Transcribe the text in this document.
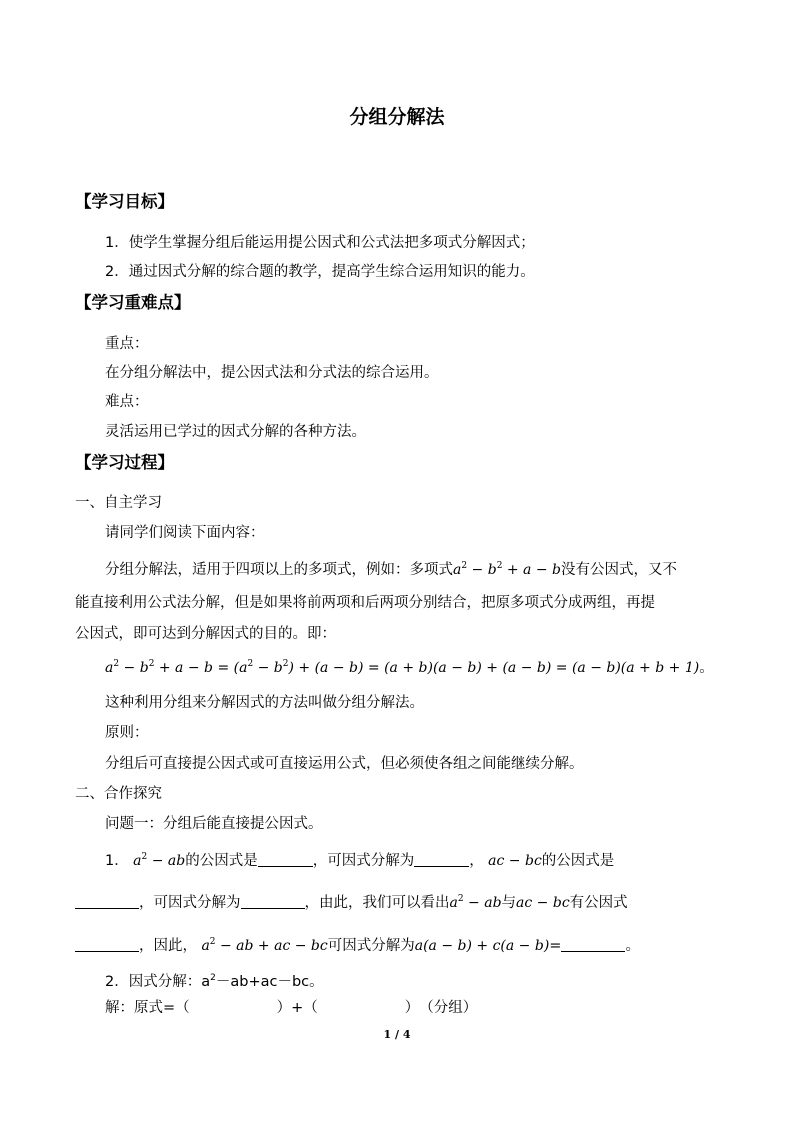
分组分解法
【学习目标】
1．使学生掌握分组后能运用提公因式和公式法把多项式分解因式；
2．通过因式分解的综合题的教学，提高学生综合运用知识的能力。
【学习重难点】
重点：
在分组分解法中，提公因式法和分式法的综合运用。
难点：
灵活运用已学过的因式分解的各种方法。
【学习过程】
一、自主学习
请同学们阅读下面内容：
分组分解法，适用于四项以上的多项式，例如：多项式$a^2 - b^2 + a - b$没有公因式，又不
能直接利用公式法分解，但是如果将前两项和后两项分别结合，把原多项式分成两组，再提
公因式，即可达到分解因式的目的。即：
$a^2 - b^2 + a - b = (a^2 - b^2) + (a - b) = (a + b)(a - b) + (a - b) = (a - b)(a + b + 1)$。
这种利用分组来分解因式的方法叫做分组分解法。
原则：
分组后可直接提公因式或可直接运用公式，但必须使各组之间能继续分解。
二、合作探究
问题一：分组后能直接提公因式。
1． $a^2$ − ab的公因式是	，可因式分解为	， ac − bc的公因式是
，可因式分解为	，由此，我们可以看出$a^2$ − ab与ac − bc有公因式
，因此， $a^2$ − ab + ac − bc可因式分解为a(a − b) + c(a − b)=	。
2．因式分解：$a^2-ab+ac-bc$。
解：原式=（　　　　　　）+（　　　　　　）　（分组）
1 / 4
